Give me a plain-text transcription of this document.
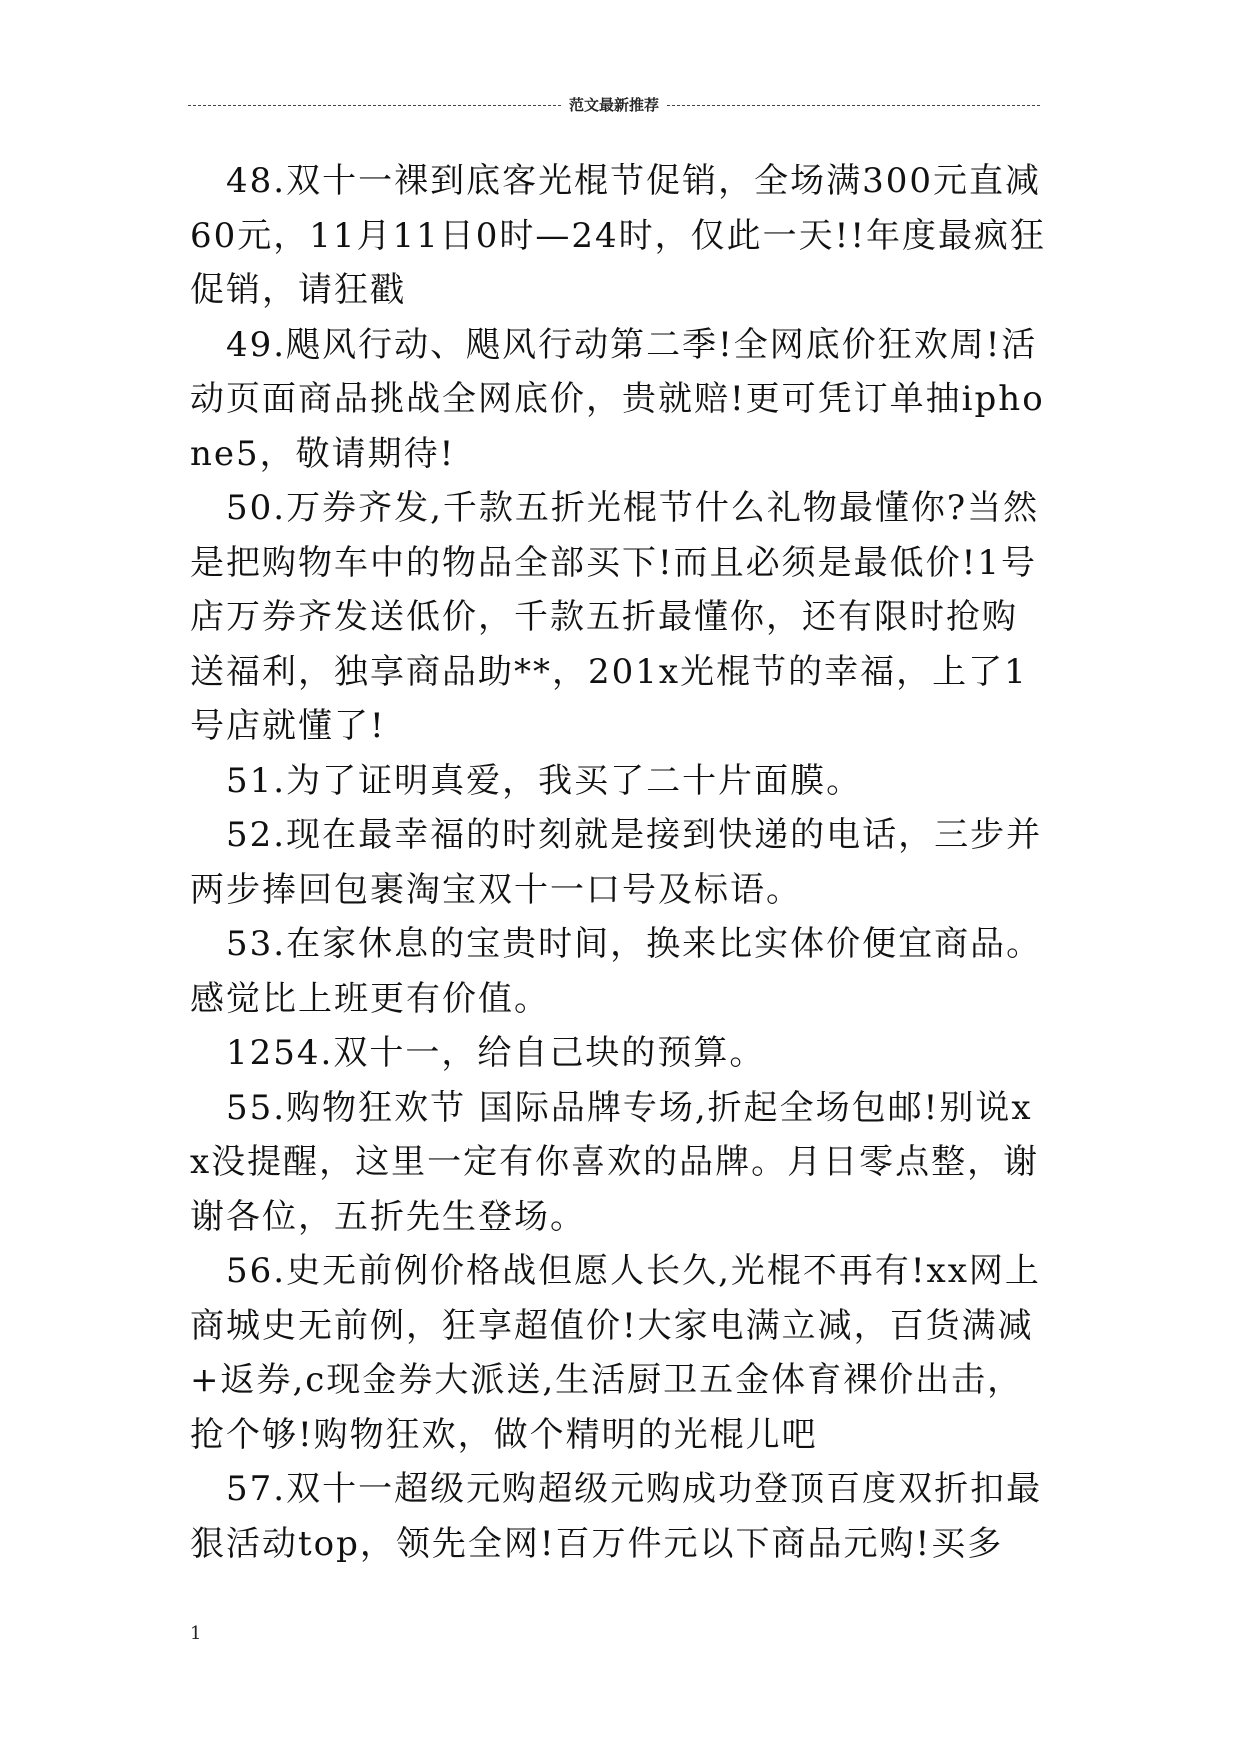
范文最新推荐

48.双十一裸到底客光棍节促销，全场满300元直减60元，11月11日0时—24时，仅此一天!!年度最疯狂促销，请狂戳

49.飓风行动、飓风行动第二季!全网底价狂欢周!活动页面商品挑战全网底价，贵就赔!更可凭订单抽iphone5，敬请期待!

50.万券齐发,千款五折光棍节什么礼物最懂你?当然是把购物车中的物品全部买下!而且必须是最低价!1号店万券齐发送低价，千款五折最懂你，还有限时抢购送福利，独享商品助**，201x光棍节的幸福，上了1号店就懂了!

51.为了证明真爱，我买了二十片面膜。

52.现在最幸福的时刻就是接到快递的电话，三步并两步捧回包裹淘宝双十一口号及标语。

53.在家休息的宝贵时间，换来比实体价便宜商品。感觉比上班更有价值。

1254.双十一，给自己块的预算。

55.购物狂欢节 国际品牌专场,折起全场包邮!别说xx没提醒，这里一定有你喜欢的品牌。月日零点整，谢谢各位，五折先生登场。

56.史无前例价格战但愿人长久,光棍不再有!xx网上商城史无前例，狂享超值价!大家电满立减，百货满减+返券,c现金券大派送,生活厨卫五金体育裸价出击，抢个够!购物狂欢，做个精明的光棍儿吧

57.双十一超级元购超级元购成功登顶百度双折扣最狠活动top，领先全网!百万件元以下商品元购!买多

1
